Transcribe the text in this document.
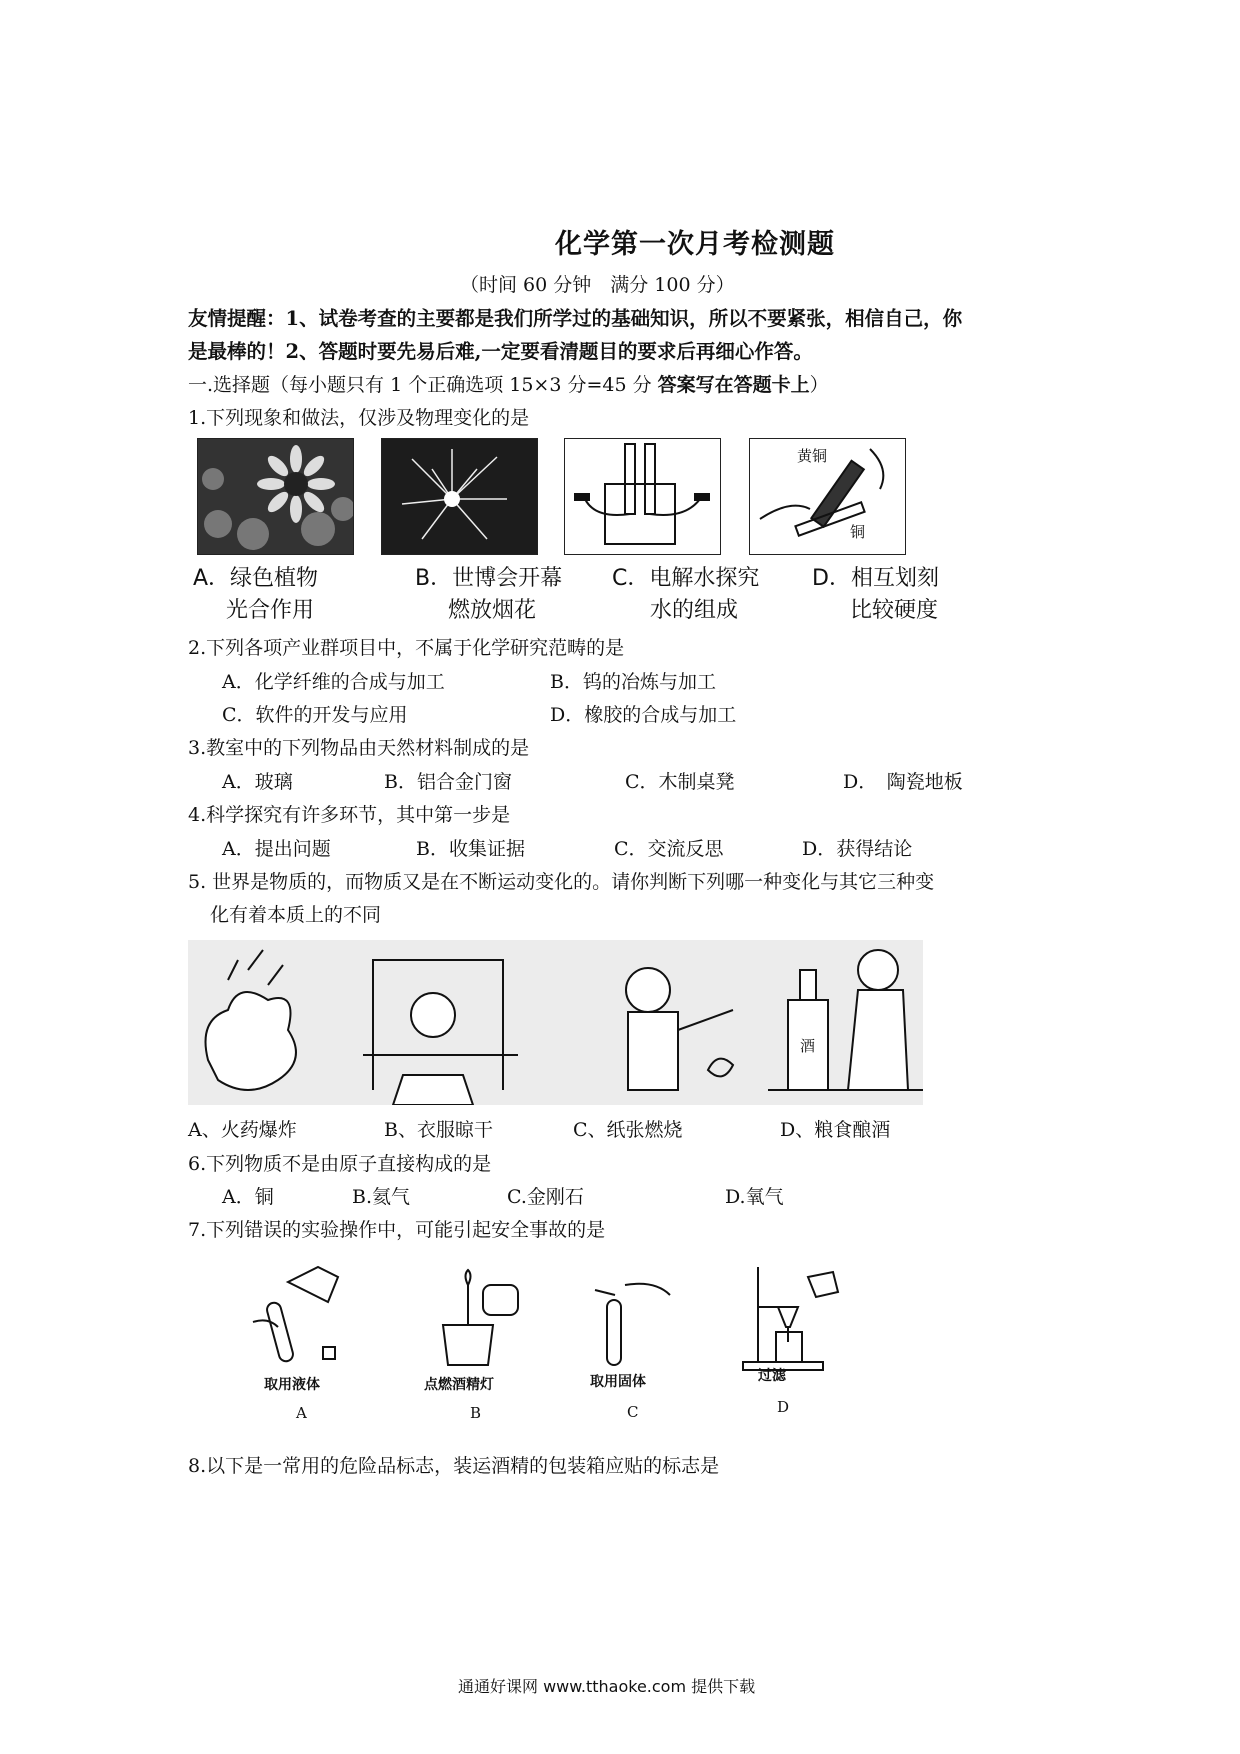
化学第一次月考检测题
（时间 60 分钟　满分 100 分）
友情提醒：1、试卷考查的主要都是我们所学过的基础知识，所以不要紧张，相信自己，你
是最棒的！2、答题时要先易后难,一定要看清题目的要求后再细心作答。
一.选择题（每小题只有 1 个正确选项 15×3 分=45 分 答案写在答题卡上）
1.下列现象和做法，仅涉及物理变化的是
黄铜
铜
A．绿色植物
光合作用
B．世博会开幕
燃放烟花
C．电解水探究
水的组成
D．相互划刻
比较硬度
2.下列各项产业群项目中，不属于化学研究范畴的是
A．化学纤维的合成与加工	B．钨的冶炼与加工
C．软件的开发与应用	D．橡胶的合成与加工
3.教室中的下列物品由天然材料制成的是
A．玻璃	B．铝合金门窗	C．木制桌凳	D．　陶瓷地板
4.科学探究有许多环节，其中第一步是
A．提出问题	B．收集证据	C．交流反思	D．获得结论
5. 世界是物质的，而物质又是在不断运动变化的。请你判断下列哪一种变化与其它三种变
化有着本质上的不同
酒
A、火药爆炸	B、衣服晾干	C、纸张燃烧	D、粮食酿酒
6.下列物质不是由原子直接构成的是
A．铜	B.氦气	C.金刚石	D.氧气
7.下列错误的实验操作中，可能引起安全事故的是
取用液体	点燃酒精灯	取用固体	过滤
A	B	C	D
8.以下是一常用的危险品标志，装运酒精的包装箱应贴的标志是
通通好课网 www.tthaoke.com 提供下载
